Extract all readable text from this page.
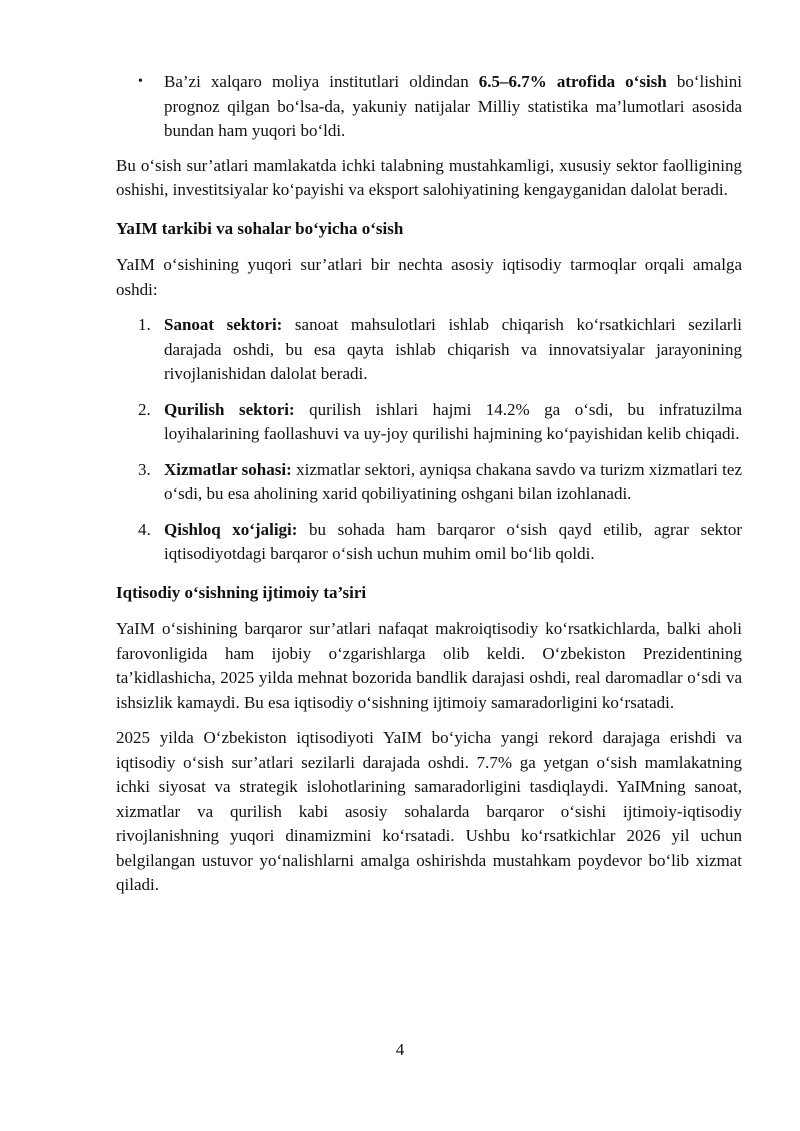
• Ba’zi xalqaro moliya institutlari oldindan 6.5–6.7% atrofida o‘sish bo‘lishini prognoz qilgan bo‘lsa-da, yakuniy natijalar Milliy statistika ma’lumotlari asosida bundan ham yuqori bo‘ldi.

Bu o‘sish sur’atlari mamlakatda ichki talabning mustahkamligi, xususiy sektor faolligining oshishi, investitsiyalar ko‘payishi va eksport salohiyatining kengayganidan dalolat beradi.

YaIM tarkibi va sohalar bo‘yicha o‘sish

YaIM o‘sishining yuqori sur’atlari bir nechta asosiy iqtisodiy tarmoqlar orqali amalga oshdi:

1. Sanoat sektori: sanoat mahsulotlari ishlab chiqarish ko‘rsatkichlari sezilarli darajada oshdi, bu esa qayta ishlab chiqarish va innovatsiyalar jarayonining rivojlanishidan dalolat beradi.
2. Qurilish sektori: qurilish ishlari hajmi 14.2% ga o‘sdi, bu infratuzilma loyihalarining faollashuvi va uy-joy qurilishi hajmining ko‘payishidan kelib chiqadi.
3. Xizmatlar sohasi: xizmatlar sektori, ayniqsa chakana savdo va turizm xizmatlari tez o‘sdi, bu esa aholining xarid qobiliyatining oshgani bilan izohlanadi.
4. Qishloq xo‘jaligi: bu sohada ham barqaror o‘sish qayd etilib, agrar sektor iqtisodiyotdagi barqaror o‘sish uchun muhim omil bo‘lib qoldi.
Iqtisodiy o‘sishning ijtimoiy ta’siri

YaIM o‘sishining barqaror sur’atlari nafaqat makroiqtisodiy ko‘rsatkichlarda, balki aholi farovonligida ham ijobiy o‘zgarishlarga olib keldi. O‘zbekiston Prezidentining ta’kidlashicha, 2025 yilda mehnat bozorida bandlik darajasi oshdi, real daromadlar o‘sdi va ishsizlik kamaydi. Bu esa iqtisodiy o‘sishning ijtimoiy samaradorligini ko‘rsatadi.

2025 yilda O‘zbekiston iqtisodiyoti YaIM bo‘yicha yangi rekord darajaga erishdi va iqtisodiy o‘sish sur’atlari sezilarli darajada oshdi. 7.7% ga yetgan o‘sish mamlakatning ichki siyosat va strategik islohotlarining samaradorligini tasdiqlaydi. YaIMning sanoat, xizmatlar va qurilish kabi asosiy sohalarda barqaror o‘sishi ijtimoiy-iqtisodiy rivojlanishning yuqori dinamizmini ko‘rsatadi. Ushbu ko‘rsatkichlar 2026 yil uchun belgilangan ustuvor yo‘nalishlarni amalga oshirishda mustahkam poydevor bo‘lib xizmat qiladi.

4
